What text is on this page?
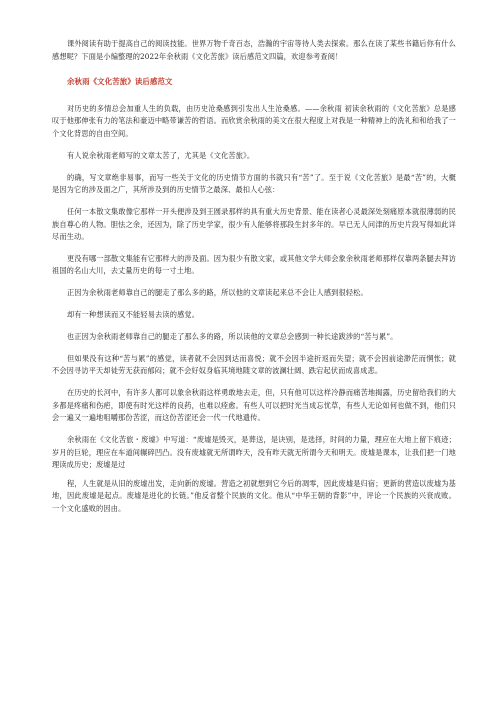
课外阅读有助于提高自己的阅读技能。世界万物千奇百态，浩瀚的宇宙等待人类去探索。那么在读了某些书籍后你有什么感想呢？下面是小编整理的2022年余秋雨《文化苦旅》读后感范文四篇，欢迎参考查阅！

余秋雨《文化苦旅》读后感范文

对历史的多情总会加重人生的负载，由历史沧桑感到引发出人生沧桑感。——余秋雨 初读余秋雨的《文化苦旅》总是感叹于他那伸张有力的笔法和豪迈中略带谦苦的哲语。而欣赏余秋雨的美文在很大程度上对我是一种精神上的洗礼和和给我了一个文化背思的自由空间。

有人说余秋雨老师写的文章太苦了，尤其是《文化苦旅》。

的确，写文章绝非易事，而写一些关于文化的历史情节方面的书就只有“苦”了。至于说《文化苦旅》是最“苦”的，大概是因为它的涉及面之广，其所涉及到的历史情节之最深、最扣人心弦：

任何一本散文集敢像它那样一开头便涉及到王圆录那样的具有重大历史背景、能在读者心灵最深处刻痛原本就很薄弱的民族自尊心的人物。胆怯之余，还因为，除了历史学家，很少有人能够将那段生封多年的。早已无人问津的历史片段写得如此详尽而生动。

更没有哪一部散文集能有它那样大的涉及面。因为很少有散文家，或其他文学大师会象余秋雨老师那样仅靠两条腿去拜访祖国的名山大川，去丈量历史的每一寸土地。

正因为余秋雨老师靠自己的腿走了那么多的路，所以他的文章读起来总不会让人感到很轻松。

却有一种想读而又不能轻易去读的感觉。

也正因为余秋雨老师靠自己的腿走了那么多的路，所以读他的文章总会感到一种长途跋涉的“苦与累”。

但如果没有这种“苦与累”的感觉，读者就不会因到达而喜悦；就不会因半途折返而失望；就不会因前途渺茫而惘怅；就不会因寻访平天却徒劳无获而郁闷；就不会好奴身临其境地随文章的波澜壮阔、跌宕起伏而成喜成悲。

在历史的长河中，有许多人都可以象余秋雨这样勇敢地去走，但，只有他可以这样冷静而痛苦地揭露，历史留给我们的大多都是疼痛和伤疤，即使有时光这样的良药，也难以痊愈。有些人可以把时光当成忘忧草，有些人无论如何也做不到，他们只会一遍又一遍地咀嚼那份苦涩，而这份苦涩还会一代一代地遗传。

余秋雨在《文化苦旅・废墟》中写道：“废墟是毁灭，是葬送，是诀别，是选择，时间的力量，理应在大地上留下痕迹；岁月的巨轮，理应在车道间辗碎凹凸。没有废墟就无所谓昨天，没有昨天就无所谓今天和明天。废墟是课本，让我们把一门地理读成历史；废墟是过

程，人生就是从旧的废墟出发，走向新的废墟。营造之初就想到它今后的凋零，因此废墟是归宿；更新的营造以废墟为基地，因此废墟是起点。废墟是进化的长链。”他反省整个民族的文化。他从“中华王朝的背影”中，评论一个民族的兴衰成败。一个文化盛败的因由。
